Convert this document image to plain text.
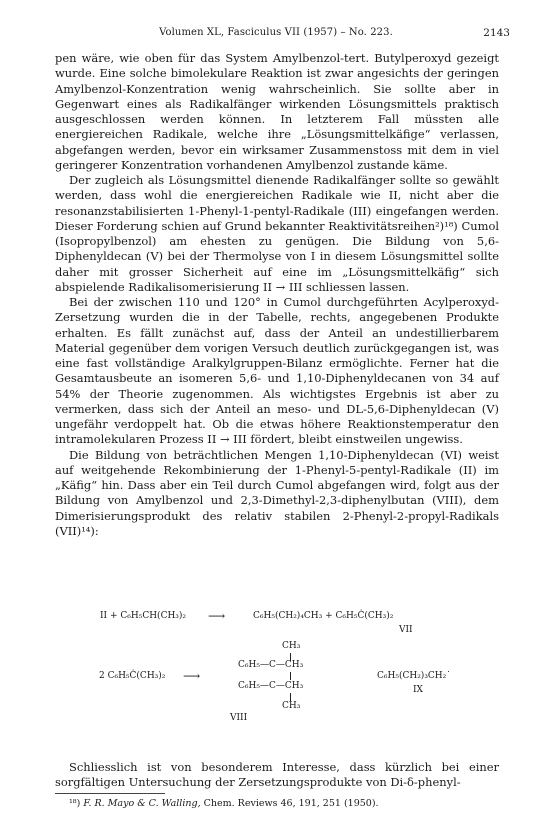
Volumen XL, Fasciculus VII (1957) – No. 223.	2143

pen wäre, wie oben für das System Amylbenzol-tert. Butylperoxyd gezeigt wurde. Eine solche bimolekulare Reaktion ist zwar angesichts der geringen Amylbenzol-Konzentration wenig wahrscheinlich. Sie sollte aber in Gegenwart eines als Radikalfänger wirkenden Lösungsmittels praktisch ausgeschlossen werden können. In letzterem Fall müssten alle energiereichen Radikale, welche ihre „Lösungsmittelkäfige“ verlassen, abgefangen werden, bevor ein wirksamer Zusammenstoss mit dem in viel geringerer Konzentration vorhandenen Amylbenzol zustande käme.

Der zugleich als Lösungsmittel dienende Radikalfänger sollte so gewählt werden, dass wohl die energiereichen Radikale wie II, nicht aber die resonanzstabilisierten 1-Phenyl-1-pentyl-Radikale (III) eingefangen werden. Dieser Forderung schien auf Grund bekannter Reaktivitätsreihen²)¹⁸) Cumol (Isopropylbenzol) am ehesten zu genügen. Die Bildung von 5,6-Diphenyldecan (V) bei der Thermolyse von I in diesem Lösungsmittel sollte daher mit grosser Sicherheit auf eine im „Lösungsmittelkäfig“ sich abspielende Radikalisomerisierung II → III schliessen lassen.

Bei der zwischen 110 und 120° in Cumol durchgeführten Acylperoxyd-Zersetzung wurden die in der Tabelle, rechts, angegebenen Produkte erhalten. Es fällt zunächst auf, dass der Anteil an undestillierbarem Material gegenüber dem vorigen Versuch deutlich zurückgegangen ist, was eine fast vollständige Aralkylgruppen-Bilanz ermöglichte. Ferner hat die Gesamtausbeute an isomeren 5,6- und 1,10-Diphenyldecanen von 34 auf 54% der Theorie zugenommen. Als wichtigstes Ergebnis ist aber zu vermerken, dass sich der Anteil an meso- und DL-5,6-Diphenyldecan (V) ungefähr verdoppelt hat. Ob die etwas höhere Reaktionstemperatur den intramolekularen Prozess II → III fördert, bleibt einstweilen ungewiss.

Die Bildung von beträchtlichen Mengen 1,10-Diphenyldecan (VI) weist auf weitgehende Rekombinierung der 1-Phenyl-5-pentyl-Radikale (II) im „Käfig“ hin. Dass aber ein Teil durch Cumol abgefangen wird, folgt aus der Bildung von Amylbenzol und 2,3-Dimethyl-2,3-diphenylbutan (VIII), dem Dimerisierungsprodukt des relativ stabilen 2-Phenyl-2-propyl-Radikals (VII)¹⁴):

II + C₆H₅CH(CH₃)₂ ⟶	C₆H₅(CH₂)₄CH₃ + C₆H₅Ċ(CH₃)₂
VII
CH₃
2 C₆H₅Ċ(CH₃)₂ ⟶
C₆H₅—C—CH₃
C₆H₅—C—CH₃
CH₃
VIII
C₆H₅(CH₂)₃CH₂˙
IX

Schliesslich ist von besonderem Interesse, dass kürzlich bei einer sorgfältigen Untersuchung der Zersetzungsprodukte von Di-δ-phenyl-

¹⁸) F. R. Mayo & C. Walling, Chem. Reviews 46, 191, 251 (1950).
